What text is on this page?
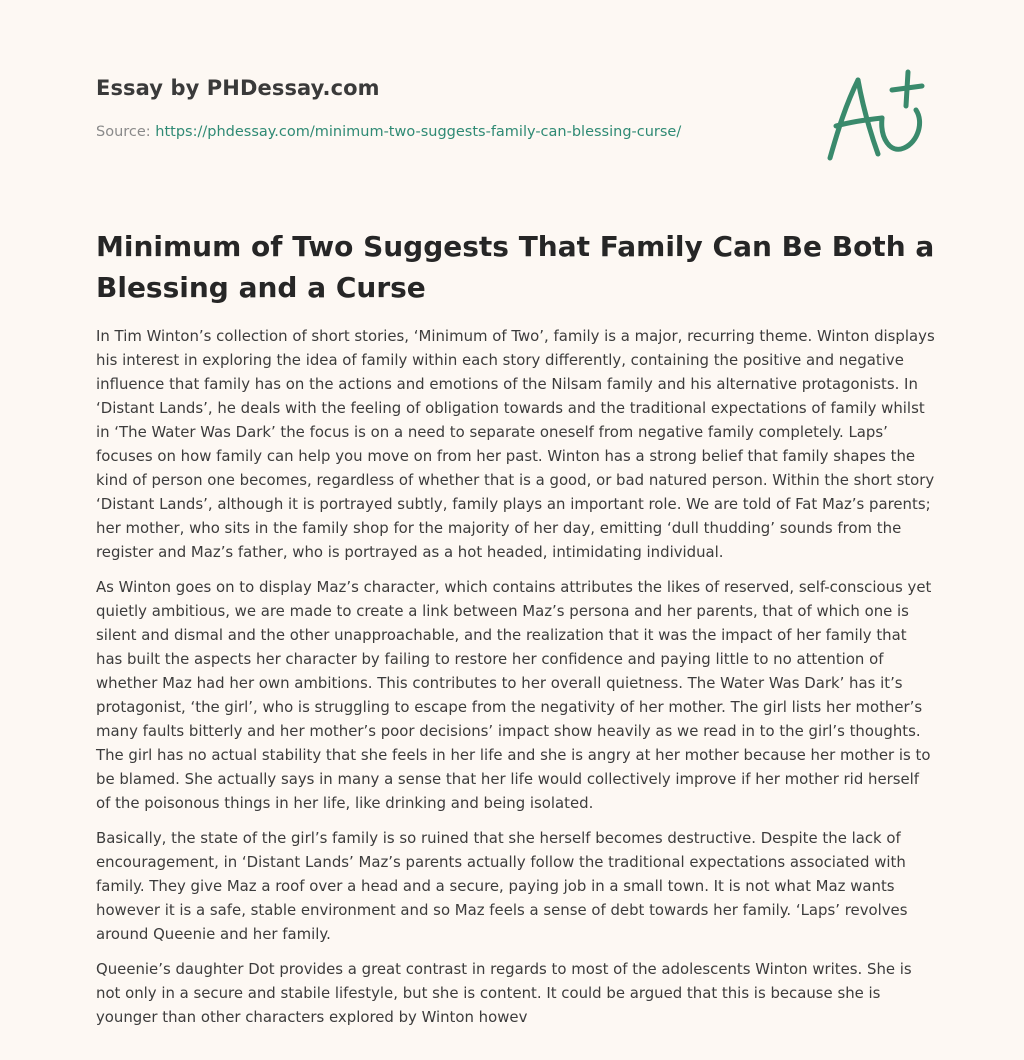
Essay by PHDessay.com
Source: https://phdessay.com/minimum-two-suggests-family-can-blessing-curse/
Minimum of Two Suggests That Family Can Be Both a Blessing and a Curse

In Tim Winton’s collection of short stories, ‘Minimum of Two’, family is a major, recurring theme. Winton displays his interest in exploring the idea of family within each story differently, containing the positive and negative influence that family has on the actions and emotions of the Nilsam family and his alternative protagonists. In ‘Distant Lands’, he deals with the feeling of obligation towards and the traditional expectations of family whilst in ‘The Water Was Dark’ the focus is on a need to separate oneself from negative family completely. Laps’ focuses on how family can help you move on from her past. Winton has a strong belief that family shapes the kind of person one becomes, regardless of whether that is a good, or bad natured person. Within the short story ‘Distant Lands’, although it is portrayed subtly, family plays an important role. We are told of Fat Maz’s parents; her mother, who sits in the family shop for the majority of her day, emitting ‘dull thudding’ sounds from the register and Maz’s father, who is portrayed as a hot headed, intimidating individual.

As Winton goes on to display Maz’s character, which contains attributes the likes of reserved, self-conscious yet quietly ambitious, we are made to create a link between Maz’s persona and her parents, that of which one is silent and dismal and the other unapproachable, and the realization that it was the impact of her family that has built the aspects her character by failing to restore her confidence and paying little to no attention of whether Maz had her own ambitions. This contributes to her overall quietness. The Water Was Dark’ has it’s protagonist, ‘the girl’, who is struggling to escape from the negativity of her mother. The girl lists her mother’s many faults bitterly and her mother’s poor decisions’ impact show heavily as we read in to the girl’s thoughts. The girl has no actual stability that she feels in her life and she is angry at her mother because her mother is to be blamed. She actually says in many a sense that her life would collectively improve if her mother rid herself of the poisonous things in her life, like drinking and being isolated.

Basically, the state of the girl’s family is so ruined that she herself becomes destructive. Despite the lack of encouragement, in ‘Distant Lands’ Maz’s parents actually follow the traditional expectations associated with family. They give Maz a roof over a head and a secure, paying job in a small town. It is not what Maz wants however it is a safe, stable environment and so Maz feels a sense of debt towards her family. ‘Laps’ revolves around Queenie and her family.

Queenie’s daughter Dot provides a great contrast in regards to most of the adolescents Winton writes. She is not only in a secure and stabile lifestyle, but she is content. It could be argued that this is because she is younger than other characters explored by Winton howev
